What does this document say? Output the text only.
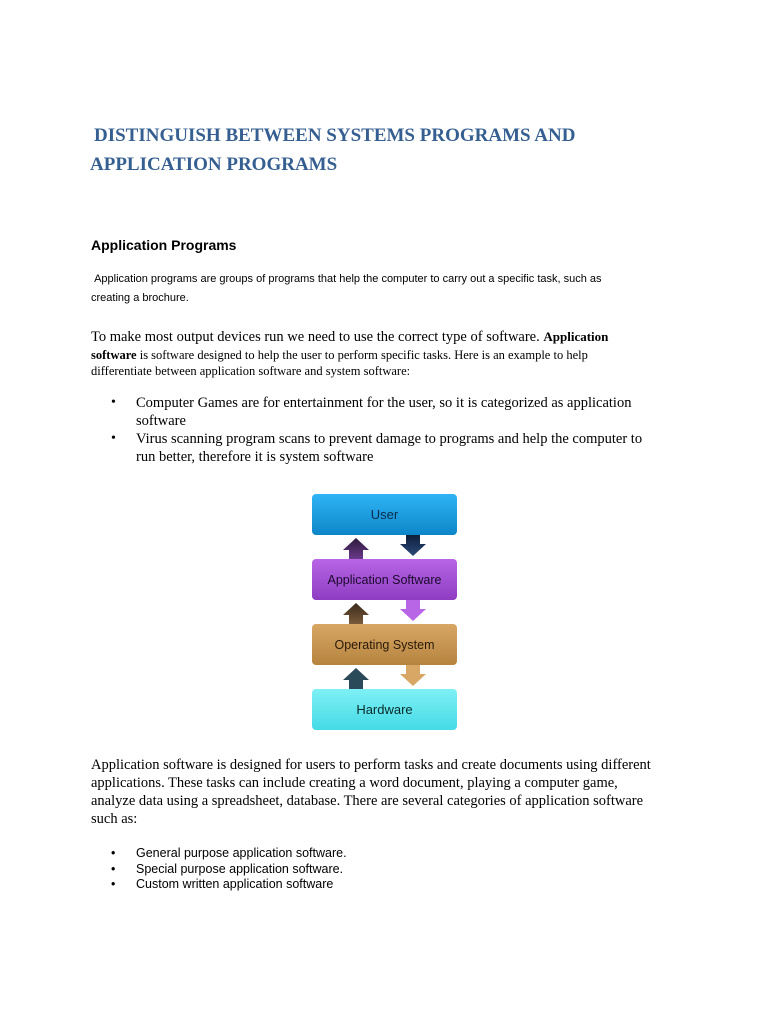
DISTINGUISH BETWEEN SYSTEMS PROGRAMS AND
APPLICATION PROGRAMS
Application Programs
Application programs are groups of programs that help the computer to carry out a specific task, such as
creating a brochure.
To make most output devices run we need to use the correct type of software. Application
software is software designed to help the user to perform specific tasks. Here is an example to help
differentiate between application software and system software:
• Computer Games are for entertainment for the user, so it is categorized as application
software
• Virus scanning program scans to prevent damage to programs and help the computer to
run better, therefore it is system software
User
Application Software
Operating System
Hardware
Application software is designed for users to perform tasks and create documents using different
applications. These tasks can include creating a word document, playing a computer game,
analyze data using a spreadsheet, database. There are several categories of application software
such as:
• General purpose application software.
• Special purpose application software.
• Custom written application software
